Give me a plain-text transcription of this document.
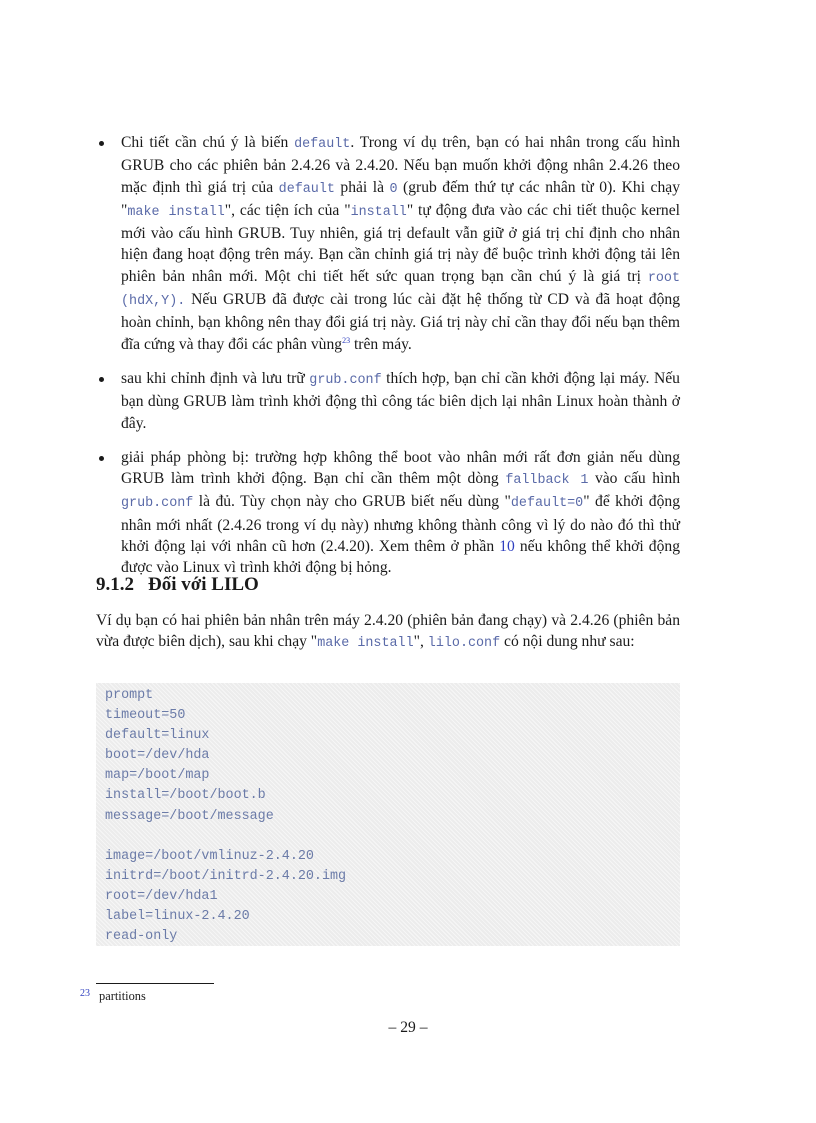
Chi tiết cần chú ý là biến default. Trong ví dụ trên, bạn có hai nhân trong cấu hình GRUB cho các phiên bản 2.4.26 và 2.4.20. Nếu bạn muốn khởi động nhân 2.4.26 theo mặc định thì giá trị của default phải là 0 (grub đếm thứ tự các nhân từ 0). Khi chạy "make install", các tiện ích của "install" tự động đưa vào các chi tiết thuộc kernel mới vào cấu hình GRUB. Tuy nhiên, giá trị default vẫn giữ ở giá trị chỉ định cho nhân hiện đang hoạt động trên máy. Bạn cần chỉnh giá trị này để buộc trình khởi động tải lên phiên bản nhân mới. Một chi tiết hết sức quan trọng bạn cần chú ý là giá trị root (hdX,Y). Nếu GRUB đã được cài trong lúc cài đặt hệ thống từ CD và đã hoạt động hoàn chỉnh, bạn không nên thay đổi giá trị này. Giá trị này chỉ cần thay đổi nếu bạn thêm đĩa cứng và thay đổi các phân vùng$^{23}$ trên máy.
sau khi chỉnh định và lưu trữ grub.conf thích hợp, bạn chỉ cần khởi động lại máy. Nếu bạn dùng GRUB làm trình khởi động thì công tác biên dịch lại nhân Linux hoàn thành ở đây.
giải pháp phòng bị: trường hợp không thể boot vào nhân mới rất đơn giản nếu dùng GRUB làm trình khởi động. Bạn chỉ cần thêm một dòng fallback 1 vào cấu hình grub.conf là đủ. Tùy chọn này cho GRUB biết nếu dùng "default=0" để khởi động nhân mới nhất (2.4.26 trong ví dụ này) nhưng không thành công vì lý do nào đó thì thử khởi động lại với nhân cũ hơn (2.4.20). Xem thêm ở phần 10 nếu không thể khởi động được vào Linux vì trình khởi động bị hỏng.
9.1.2 Đối với LILO

Ví dụ bạn có hai phiên bản nhân trên máy 2.4.20 (phiên bản đang chạy) và 2.4.26 (phiên bản vừa được biên dịch), sau khi chạy "make install", lilo.conf có nội dung như sau:

prompt
timeout=50
default=linux
boot=/dev/hda
map=/boot/map
install=/boot/boot.b
message=/boot/message
image=/boot/vmlinuz-2.4.20
initrd=/boot/initrd-2.4.20.img
root=/dev/hda1
label=linux-2.4.20
read-only
$^{23}$ partitions
– 29 –
